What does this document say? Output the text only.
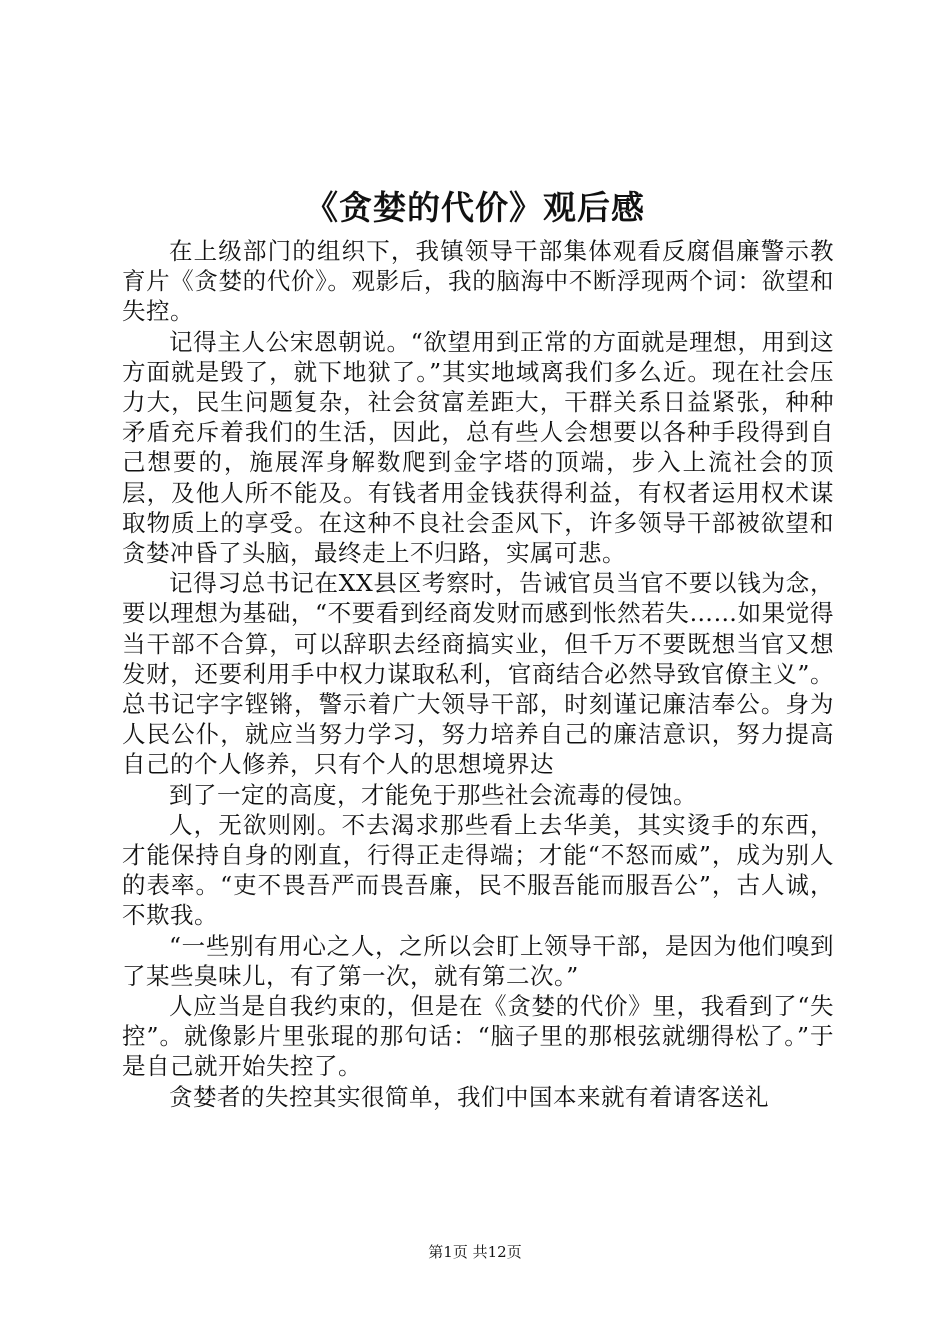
《贪婪的代价》观后感

在上级部门的组织下，我镇领导干部集体观看反腐倡廉警示教育片《贪婪的代价》。观影后，我的脑海中不断浮现两个词：欲望和失控。

记得主人公宋恩朝说。“欲望用到正常的方面就是理想，用到这方面就是毁了，就下地狱了。”其实地域离我们多么近。现在社会压力大，民生问题复杂，社会贫富差距大，干群关系日益紧张，种种矛盾充斥着我们的生活，因此，总有些人会想要以各种手段得到自己想要的，施展浑身解数爬到金字塔的顶端，步入上流社会的顶层，及他人所不能及。有钱者用金钱获得利益，有权者运用权术谋取物质上的享受。在这种不良社会歪风下，许多领导干部被欲望和贪婪冲昏了头脑，最终走上不归路，实属可悲。

记得习总书记在XX县区考察时，告诫官员当官不要以钱为念，要以理想为基础，“不要看到经商发财而感到怅然若失……如果觉得当干部不合算，可以辞职去经商搞实业，但千万不要既想当官又想发财，还要利用手中权力谋取私利，官商结合必然导致官僚主义”。总书记字字铿锵，警示着广大领导干部，时刻谨记廉洁奉公。身为人民公仆，就应当努力学习，努力培养自己的廉洁意识，努力提高自己的个人修养，只有个人的思想境界达

到了一定的高度，才能免于那些社会流毒的侵蚀。

人，无欲则刚。不去渴求那些看上去华美，其实烫手的东西，才能保持自身的刚直，行得正走得端；才能“不怒而威”，成为别人的表率。“吏不畏吾严而畏吾廉，民不服吾能而服吾公”，古人诚，不欺我。

“一些别有用心之人，之所以会盯上领导干部，是因为他们嗅到了某些臭味儿，有了第一次，就有第二次。”

人应当是自我约束的，但是在《贪婪的代价》里，我看到了“失控”。就像影片里张琨的那句话：“脑子里的那根弦就绷得松了。”于是自己就开始失控了。

贪婪者的失控其实很简单，我们中国本来就有着请客送礼

第1页 共12页
